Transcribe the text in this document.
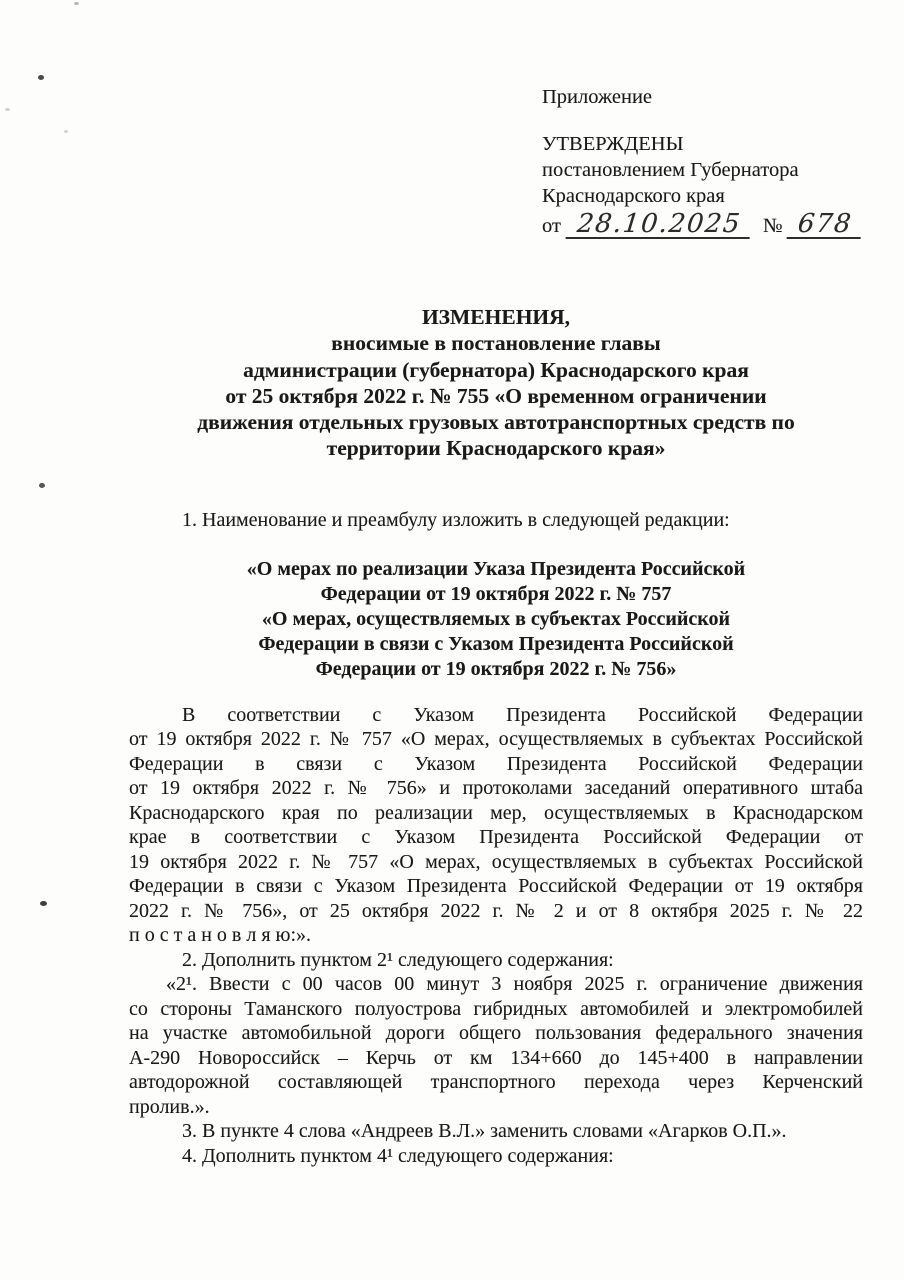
Приложение
УТВЕРЖДЕНЫ
постановлением Губернатора
Краснодарского края
от 28.10.2025 № 678
ИЗМЕНЕНИЯ,
вносимые в постановление главы
администрации (губернатора) Краснодарского края
от 25 октября 2022 г. № 755 «О временном ограничении
движения отдельных грузовых автотранспортных средств по
территории Краснодарского края»
1. Наименование и преамбулу изложить в следующей редакции:
«О мерах по реализации Указа Президента Российской
Федерации от 19 октября 2022 г. № 757
«О мерах, осуществляемых в субъектах Российской
Федерации в связи с Указом Президента Российской
Федерации от 19 октября 2022 г. № 756»
В соответствии с Указом Президента Российской Федерации
от 19 октября 2022 г. № 757 «О мерах, осуществляемых в субъектах Российской
Федерации в связи с Указом Президента Российской Федерации
от 19 октября 2022 г. № 756» и протоколами заседаний оперативного штаба
Краснодарского края по реализации мер, осуществляемых в Краснодарском
крае в соответствии с Указом Президента Российской Федерации от
19 октября 2022 г. № 757 «О мерах, осуществляемых в субъектах Российской
Федерации в связи с Указом Президента Российской Федерации от 19 октября
2022 г. № 756», от 25 октября 2022 г. № 2 и от 8 октября 2025 г. № 22
п о с т а н о в л я ю:».
2. Дополнить пунктом 2¹ следующего содержания:
«2¹. Ввести с 00 часов 00 минут 3 ноября 2025 г. ограничение движения
со стороны Таманского полуострова гибридных автомобилей и электромобилей
на участке автомобильной дороги общего пользования федерального значения
А-290 Новороссийск – Керчь от км 134+660 до 145+400 в направлении
автодорожной составляющей транспортного перехода через Керченский
пролив.».
3. В пункте 4 слова «Андреев В.Л.» заменить словами «Агарков О.П.».
4. Дополнить пунктом 4¹ следующего содержания:
